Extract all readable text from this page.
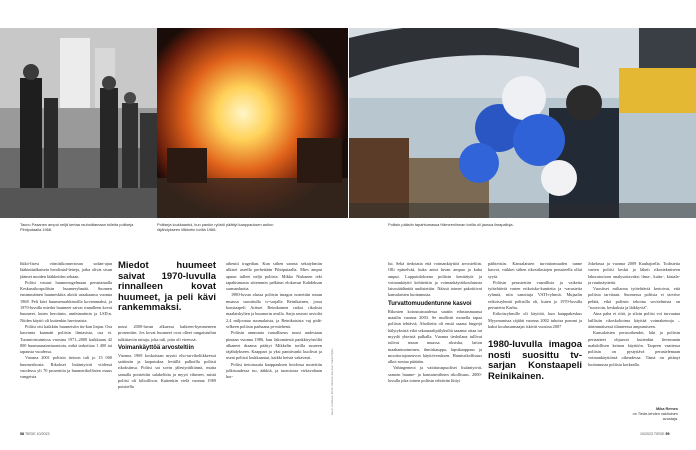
Tauno Pasanen ampui neljä kertaa rauhoittamaan tulleita poliiseja Pihtiputaalla 1968.
Poliiseja loukkaantui, kun pankin ryöstö päättyi kaappauksen aution räjähdykseen Mikkelin torilla 1986.
Poliisin pääsiin tapahtumassa Hämeenlinnan torilla oli jaossa ilmapalloja.

likkö-lisesi viimittikonsertosan sodan-ajan lääkintäalkuiseta herolintaf-letteja, jotka olivat sisun jäänset muiden lääkkeiden sekaan.

Poliisi vastasi huumeongelmaan perustamalla Keskusrikospoliisin huumeryhmää. Suomen ensimmäinen huumeskitta aloitti uraakaansa vuonna 1968. Pelt kävi huumemarkkinoilla kovemmaksi, ja 1970-luvulla miedot huumeet saivat rinnalleen kovat huumeet, kuten heroiinin, amfetamiinin ja LSD:n. Niiden käyttö oli kuitenkin harvinaista.

Poliisi otti kaikkiin huumeisiin tiu-kan linjan. Osa kasvanta kannatti poliisin ilmiasista, osa ei. Tuomioistuimissa vuosina 1971–2000 kaikkiaan 42 000 huumausainetuomiota, mikä tarkoittaa 1 400 tai tapausta vuodessa.

Vuonna 2001 poliisin tietoon tuli jo 15 000 huumerikosta. Rikokset lisääntyivät viidessä vuodessa yli 70 prosenttia ja huumerikollisten osuus vangeista

Miedot huumeet saivat 1970-luvulla rinnalleen kovat huumeet, ja peli kävi rankemmaksi.

nousi 2000-luvun alkuessa kahteen-kymmeneen prosenttiin. Jos kovat huumeet ovat olleet rangaistuihin tulkittaviin tuttuja, joka tuli, joita oli vireessä.

Voimankäyttöä arvosteltiin

Vuonna 1969 koskoitaan mystti elio-tarvikeliikkeessä sattiintin ja laoputuksa leväillä palkoilla poliisit rikoksiinsa. Poliisi sai sovin jälestyräiltiinnä, mutta samalla poistettiin salakeliitta ja myyti vihmeet, mistä poliisi oli kiltoilloon. Kuitenkin vielä vuonna 1969 poistiella

aiheutti tragedian. Kun siihen saonut sekaiyhmiin ulkisei aseella perhettään Pihtiputaalla. Mies ampui apuun tulleet neljä poliisia. Mikko Niskanen teki tapahtumasta sittemmin palkitun elokuvan Kahdeksan surmanluotia.

1980-luvun alussa poliisin imagoa nostettiin muun muassa suosittulla tv-sarjalla Reinikainen, jossa konstaapeli Arttuet Reinikainen ratkoi rikoksia maalaiskylien ja huumorin avulla. Sarja seurasi arviolta 2,4 miljoonaa suomalaista, ja Reinikaisista vuj pidä-selkeen poliisin parhaana pr-miehenä.

Poliisin ammunta vaaralliseus nousi uudestaan pintaan vuonna 1986, kun Jakomäestä pankkiryöstöltä alkaneet draama päättyi Mikkelin torilla suureen räjähdykseen. Kaappari ja yksi panttivanki kuolivat ja useat poliisit loukkaantui, kaikki heistä vakavasti.

Poliisi tietoisuutta kaappauksen hoidossa nostettiin julkisuudessa iso, ääkkiä, ja tuomiossa virkavaltaan hor-	Kuvat: Lehtikuva; KUVA: Hämeen Sanomat; Sakari Piippo

lui. Sekä tiedotatta että voimankäyttöä arvosteltiin. Olli epäselvää, kuka antoi luvan ampua ja kuka ampui. Lopputuloksena poliisin kenttätyöt ja voimankäyttö kehitettiin ja voimankäyttökoulutusta laisosäädäntöä uudistettiin. Näissä toimet pakoittivat kansalaisten luottamusta.

Turvattomuudentunne kasvoi

Rikosten kotoutuisuudessa saatiin edustusmaassa maailin vuonna 2003. Se mullistti monella tapaa poliisin tehtäviä. Altoihetta oli ensiä saaaut birgerjä hälytyksistä eikä sekaasaalipiilyksiliä saaanut ottaa tut myydä yhteistä palkalla. Vuonna tiedoilana tullivat tulivat muun muassa riksisha, laiton maahantuoiminen, ihmiskauppa, lapsikaappaus ja moottoriajoneuvon käyttöveruksen. Hamisrikollisuus alkoi nostaa päätään.

Vahingenteot ja vaittiutuspuoliset lisääntyivät, samoin huume- ja kansainvälinen rikollisuus. 2000-luvulla joka toinen poliisin tehtävän liittyi

päihteisiin. Kansalaisten turvattomuuden tunne kasvoi, vaikkei siihen rikostilastojen perusteella ollut syytä.

Poliisin perustettiin vaarallisia ja vaikeita työtehtäviä varten erikoisko-kuntietia ja -varusteita ryhmiä, niin sanottuja VATI-ryhmiä. Mujaalin erikoisryhmiä poliisilla oli, kuten jo 1970-luvulla perustettu Karhu.

Erikoisryhmille oli käyttöä, kun kauppakeskus Myyrmanissa räjähti vuonna 2002 tuhoisa pommi ja kaksi koulusurmaajat iskivät vuosina 2007

1980-luvulla imagoa nosti suosittu tv-sarjan Konstaapeli Reinikainen.

Jokelassa ja vuonna 2009 Kauhajoella. Todisteita varten poliisi keskti ja läheti rikostekniiseen laboratorioon analysoitavaksi ilma-, kuitu-, käsiala- ja ruutinäytteitä.

Vuositset miliaona työtehtäviä kertoivat, että poliisia tarvitaan. Suomessa poliisia ei tarvitse pelätä, eikä poliisin tekoina sovitelmista on "suosvoin, keskuksia ja läikkyviä".

Aina paha ei riitä, ja siloin poliisi voi turvautua laillisiin rikoskoltoima käyttää voimakeinoja – äärimmäisessä tilanteessa ampumiseen.

Kansalaisten perusoikeudet, laki ja poliisin periaatteet ohjaavat kuitenkin lievimmän mahdollisen keinon käyttöön. Tarpeen vaatiessa poliisin on pystyttävä perustelemaan voimankäyttönsä oikeudessa. Tämä on pitänyt luottamusta poliisia korkealla.

Mika Remes
on Tiede-lehden vakituinen avustaja.
58 TIEDE 10/2023	10/2023 TIEDE 59
